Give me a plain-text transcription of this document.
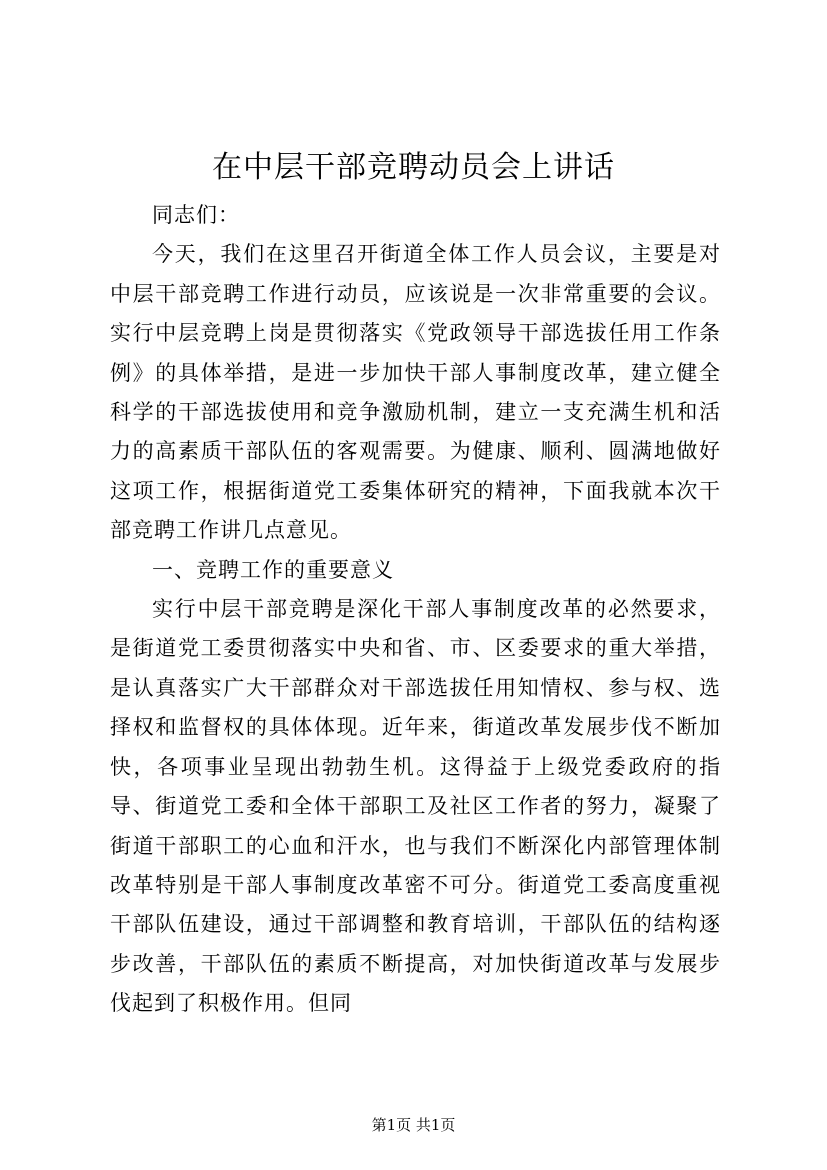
在中层干部竞聘动员会上讲话

同志们：

今天，我们在这里召开街道全体工作人员会议，主要是对中层干部竞聘工作进行动员，应该说是一次非常重要的会议。实行中层竞聘上岗是贯彻落实《党政领导干部选拔任用工作条例》的具体举措，是进一步加快干部人事制度改革，建立健全科学的干部选拔使用和竞争激励机制，建立一支充满生机和活力的高素质干部队伍的客观需要。为健康、顺利、圆满地做好这项工作，根据街道党工委集体研究的精神，下面我就本次干部竞聘工作讲几点意见。

一、竞聘工作的重要意义

实行中层干部竞聘是深化干部人事制度改革的必然要求，是街道党工委贯彻落实中央和省、市、区委要求的重大举措，是认真落实广大干部群众对干部选拔任用知情权、参与权、选择权和监督权的具体体现。近年来，街道改革发展步伐不断加快，各项事业呈现出勃勃生机。这得益于上级党委政府的指导、街道党工委和全体干部职工及社区工作者的努力，凝聚了街道干部职工的心血和汗水，也与我们不断深化内部管理体制改革特别是干部人事制度改革密不可分。街道党工委高度重视干部队伍建设，通过干部调整和教育培训，干部队伍的结构逐步改善，干部队伍的素质不断提高，对加快街道改革与发展步伐起到了积极作用。但同

第1页 共1页
